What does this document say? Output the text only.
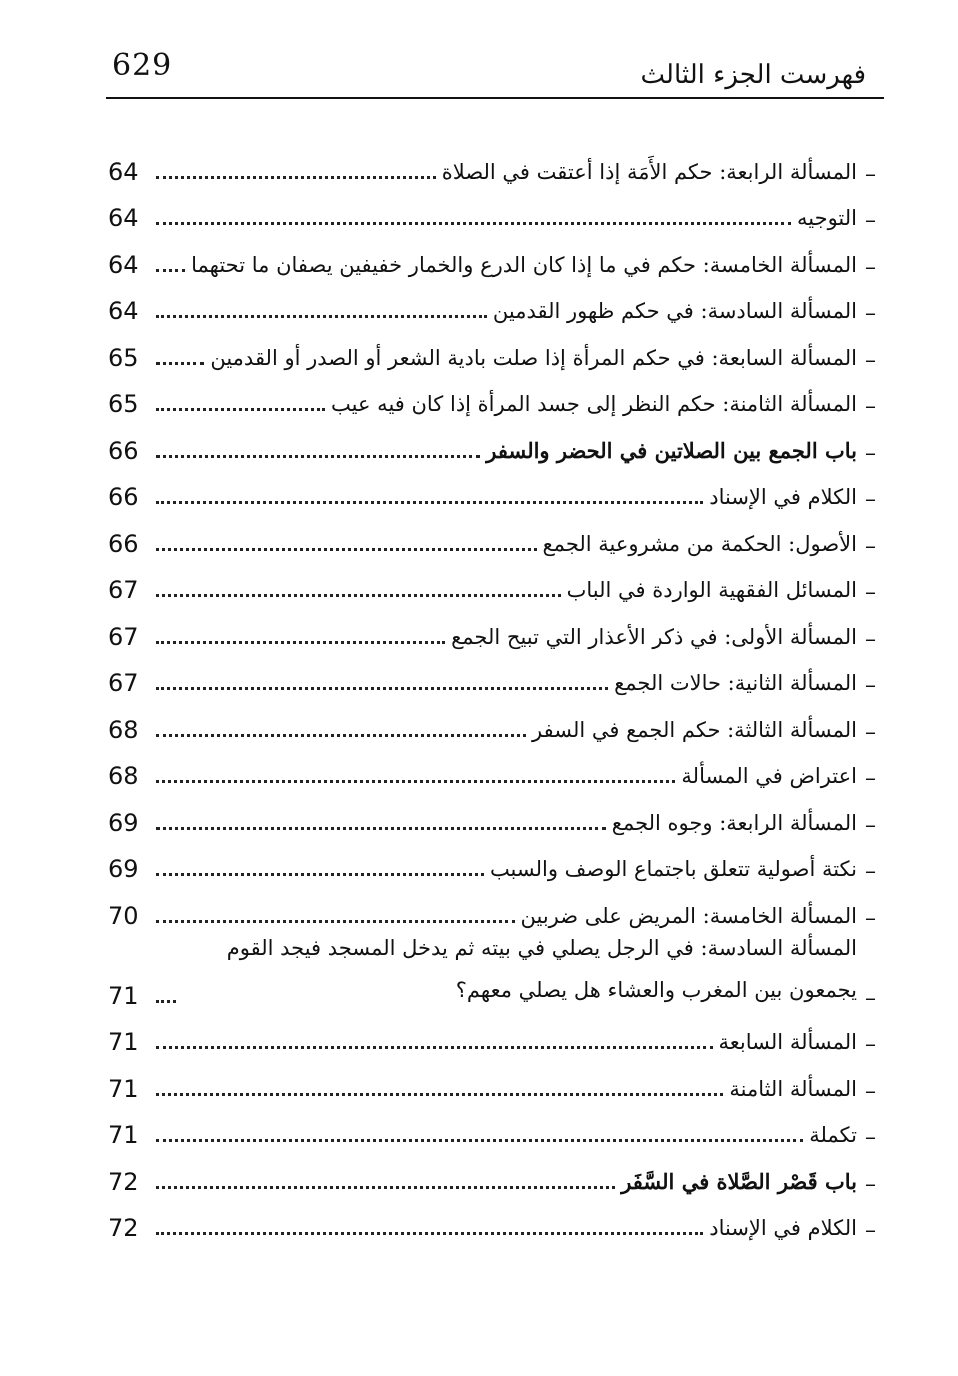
629	فهرست الجزء الثالث
–
المسألة الرابعة: حكم الأَمَة إذا أعتقت في الصلاة
64
–
التوجيه
64
–
المسألة الخامسة: حكم في ما إذا كان الدرع والخمار خفيفين يصفان ما تحتهما
64
–
المسألة السادسة: في حكم ظهور القدمين
64
–
المسألة السابعة: في حكم المرأة إذا صلت بادية الشعر أو الصدر أو القدمين
65
–
المسألة الثامنة: حكم النظر إلى جسد المرأة إذا كان فيه عيب
65
–
باب الجمع بين الصلاتين في الحضر والسفر
66
–
الكلام في الإسناد
66
–
الأصول: الحكمة من مشروعية الجمع
66
–
المسائل الفقهية الواردة في الباب
67
–
المسألة الأولى: في ذكر الأعذار التي تبيح الجمع
67
–
المسألة الثانية: حالات الجمع
67
–
المسألة الثالثة: حكم الجمع في السفر
68
–
اعتراض في المسألة
68
–
المسألة الرابعة: وجوه الجمع
69
–
نكتة أصولية تتعلق باجتماع الوصف والسبب
69
–
المسألة الخامسة: المريض على ضربين
70
–
المسألة السادسة: في الرجل يصلي في بيته ثم يدخل المسجد فيجد القوم يجمعون بين المغرب والعشاء هل يصلي معهم؟
71
–
المسألة السابعة
71
–
المسألة الثامنة
71
–
تكملة
71
–
باب قَصْر الصَّلاة في السَّفَر
72
–
الكلام في الإسناد
72
